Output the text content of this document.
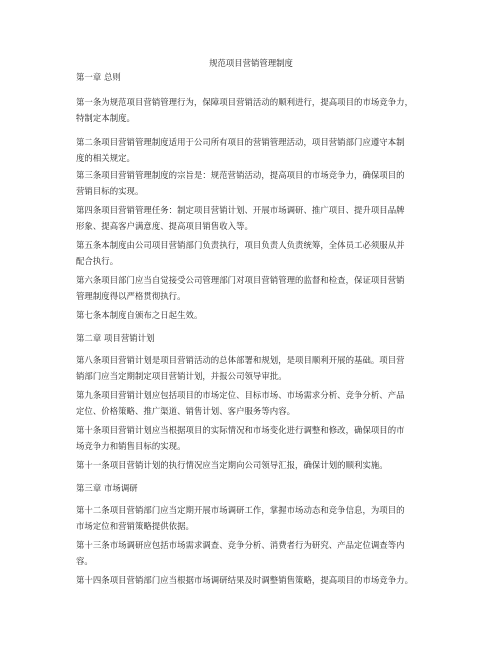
规范项目营销管理制度
第一章 总则
第一条为规范项目营销管理行为，保障项目营销活动的顺利进行，提高项目的市场竞争力，
特制定本制度。
第二条项目营销管理制度适用于公司所有项目的营销管理活动，项目营销部门应遵守本制
度的相关规定。
第三条项目营销管理制度的宗旨是：规范营销活动，提高项目的市场竞争力，确保项目的
营销目标的实现。
第四条项目营销管理任务：制定项目营销计划、开展市场调研、推广项目、提升项目品牌
形象、提高客户满意度、提高项目销售收入等。
第五条本制度由公司项目营销部门负责执行，项目负责人负责统筹，全体员工必须服从并
配合执行。
第六条项目部门应当自觉接受公司管理部门对项目营销管理的监督和检查，保证项目营销
管理制度得以严格贯彻执行。
第七条本制度自颁布之日起生效。
第二章 项目营销计划
第八条项目营销计划是项目营销活动的总体部署和规划，是项目顺利开展的基础。项目营
销部门应当定期制定项目营销计划，并报公司领导审批。
第九条项目营销计划应包括项目的市场定位、目标市场、市场需求分析、竞争分析、产品
定位、价格策略、推广渠道、销售计划、客户服务等内容。
第十条项目营销计划应当根据项目的实际情况和市场变化进行调整和修改，确保项目的市
场竞争力和销售目标的实现。
第十一条项目营销计划的执行情况应当定期向公司领导汇报，确保计划的顺利实施。
第三章 市场调研
第十二条项目营销部门应当定期开展市场调研工作，掌握市场动态和竞争信息，为项目的
市场定位和营销策略提供依据。
第十三条市场调研应包括市场需求调查、竞争分析、消费者行为研究、产品定位调查等内
容。
第十四条项目营销部门应当根据市场调研结果及时调整销售策略，提高项目的市场竞争力。
